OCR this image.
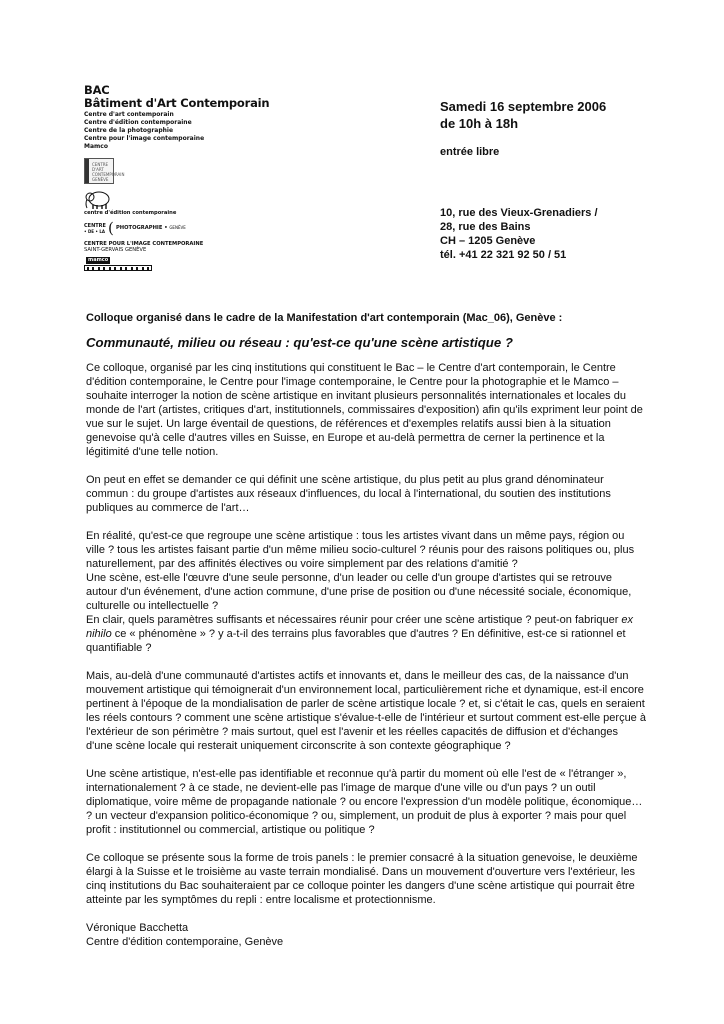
BAC
Bâtiment d'Art Contemporain
Centre d'art contemporain
Centre d'édition contemporaine
Centre de la photographie
Centre pour l'image contemporaine
Mamco
CENTRE D'ART CONTEMPORAIN GENÈVE
centre d'édition contemporaine
CENTRE
• DE • LA ( PHOTOGRAPHIE • GENÈVE
CENTRE POUR L'IMAGE CONTEMPORAINE
SAINT-GERVAIS GENÈVE
mamco
Samedi 16 septembre 2006
de 10h à 18h
entrée libre
10, rue des Vieux-Grenadiers /
28, rue des Bains
CH – 1205 Genève
tél. +41 22 321 92 50 / 51

Colloque organisé dans le cadre de la Manifestation d'art contemporain (Mac_06), Genève :

Communauté, milieu ou réseau : qu'est-ce qu'une scène artistique ?

Ce colloque, organisé par les cinq institutions qui constituent le Bac – le Centre d'art contemporain, le Centre d'édition contemporaine, le Centre pour l'image contemporaine, le Centre pour la photographie et le Mamco – souhaite interroger la notion de scène artistique en invitant plusieurs personnalités internationales et locales du monde de l'art (artistes, critiques d'art, institutionnels, commissaires d'exposition) afin qu'ils expriment leur point de vue sur le sujet. Un large éventail de questions, de références et d'exemples relatifs aussi bien à la situation genevoise qu'à celle d'autres villes en Suisse, en Europe et au-delà permettra de cerner la pertinence et la légitimité d'une telle notion.

On peut en effet se demander ce qui définit une scène artistique, du plus petit au plus grand dénominateur commun : du groupe d'artistes aux réseaux d'influences, du local à l'international, du soutien des institutions publiques au commerce de l'art…

En réalité, qu'est-ce que regroupe une scène artistique : tous les artistes vivant dans un même pays, région ou ville ? tous les artistes faisant partie d'un même milieu socio-culturel ? réunis pour des raisons politiques ou, plus naturellement, par des affinités électives ou voire simplement par des relations d'amitié ?

Une scène, est-elle l'œuvre d'une seule personne, d'un leader ou celle d'un groupe d'artistes qui se retrouve autour d'un événement, d'une action commune, d'une prise de position ou d'une nécessité sociale, économique, culturelle ou intellectuelle ?

En clair, quels paramètres suffisants et nécessaires réunir pour créer une scène artistique ? peut-on fabriquer ex nihilo ce « phénomène » ? y a-t-il des terrains plus favorables que d'autres ? En définitive, est-ce si rationnel et quantifiable ?

Mais, au-delà d'une communauté d'artistes actifs et innovants et, dans le meilleur des cas, de la naissance d'un mouvement artistique qui témoignerait d'un environnement local, particulièrement riche et dynamique, est-il encore pertinent à l'époque de la mondialisation de parler de scène artistique locale ? et, si c'était le cas, quels en seraient les réels contours ? comment une scène artistique s'évalue-t-elle de l'intérieur et surtout comment est-elle perçue à l'extérieur de son périmètre ? mais surtout, quel est l'avenir et les réelles capacités de diffusion et d'échanges d'une scène locale qui resterait uniquement circonscrite à son contexte géographique ?

Une scène artistique, n'est-elle pas identifiable et reconnue qu'à partir du moment où elle l'est de « l'étranger », internationalement ? à ce stade, ne devient-elle pas l'image de marque d'une ville ou d'un pays ? un outil diplomatique, voire même de propagande nationale ? ou encore l'expression d'un modèle politique, économique… ? un vecteur d'expansion politico-économique ? ou, simplement, un produit de plus à exporter ? mais pour quel profit : institutionnel ou commercial, artistique ou politique ?

Ce colloque se présente sous la forme de trois panels : le premier consacré à la situation genevoise, le deuxième élargi à la Suisse et le troisième au vaste terrain mondialisé. Dans un mouvement d'ouverture vers l'extérieur, les cinq institutions du Bac souhaiteraient par ce colloque pointer les dangers d'une scène artistique qui pourrait être atteinte par les symptômes du repli : entre localisme et protectionnisme.

Véronique Bacchetta
Centre d'édition contemporaine, Genève
